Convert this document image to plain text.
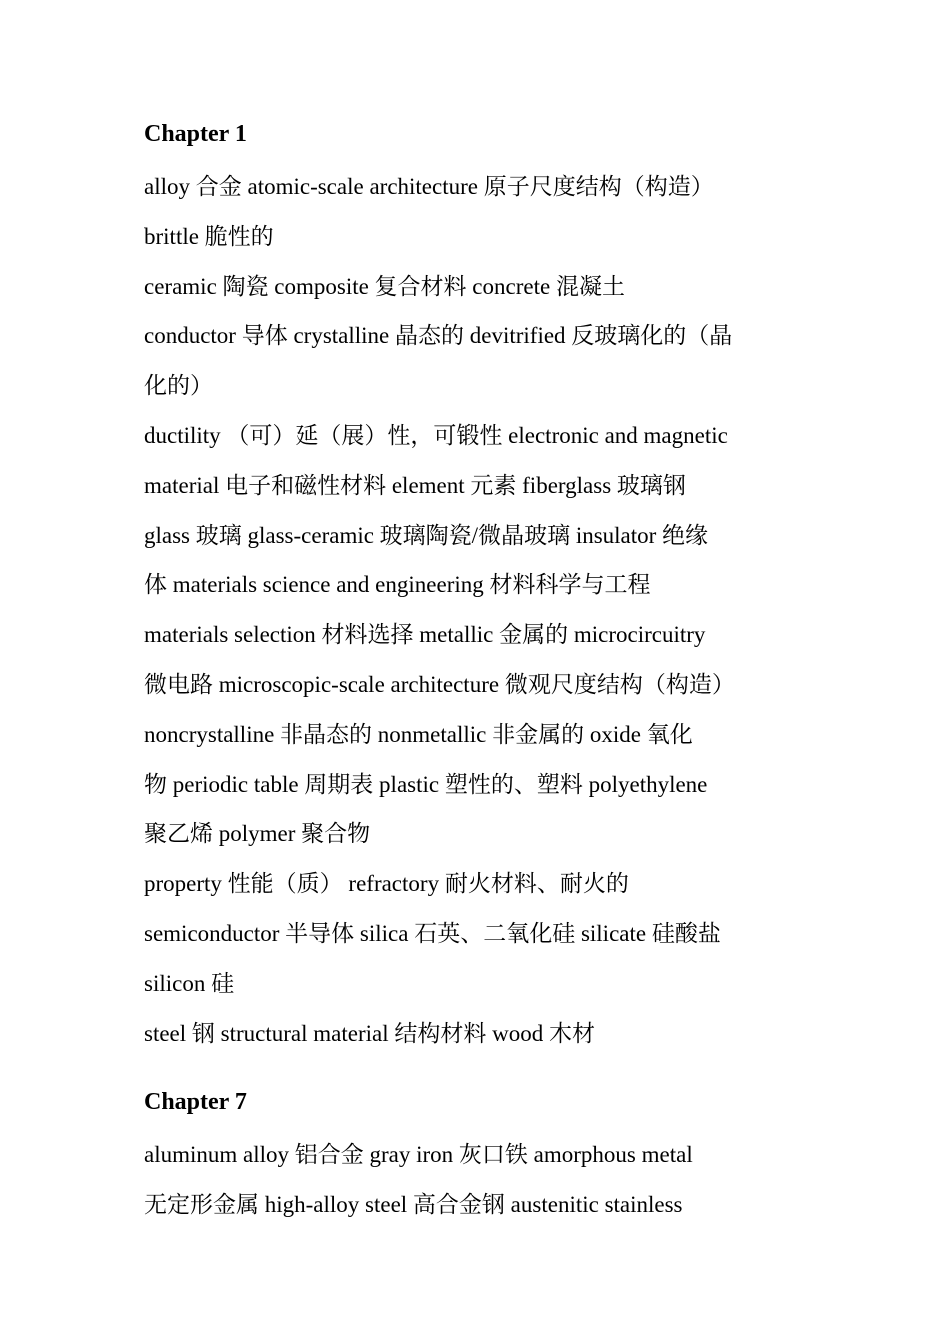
Chapter 1

alloy 合金 atomic-scale architecture 原子尺度结构（构造）

brittle 脆性的

ceramic 陶瓷 composite 复合材料 concrete 混凝土

conductor 导体 crystalline 晶态的 devitrified 反玻璃化的（晶

化的）

ductility （可）延（展）性，可锻性 electronic and magnetic

material 电子和磁性材料 element 元素 fiberglass 玻璃钢

glass 玻璃 glass-ceramic 玻璃陶瓷/微晶玻璃 insulator 绝缘

体 materials science and engineering 材料科学与工程

materials selection 材料选择 metallic 金属的 microcircuitry

微电路 microscopic-scale architecture 微观尺度结构（构造）

noncrystalline 非晶态的 nonmetallic 非金属的 oxide 氧化

物 periodic table 周期表 plastic 塑性的、塑料 polyethylene

聚乙烯 polymer 聚合物

property 性能（质） refractory 耐火材料、耐火的

semiconductor 半导体 silica 石英、二氧化硅 silicate 硅酸盐

silicon 硅

steel 钢 structural material 结构材料 wood 木材

Chapter 7

aluminum alloy 铝合金 gray iron 灰口铁 amorphous metal

无定形金属 high-alloy steel 高合金钢 austenitic stainless
